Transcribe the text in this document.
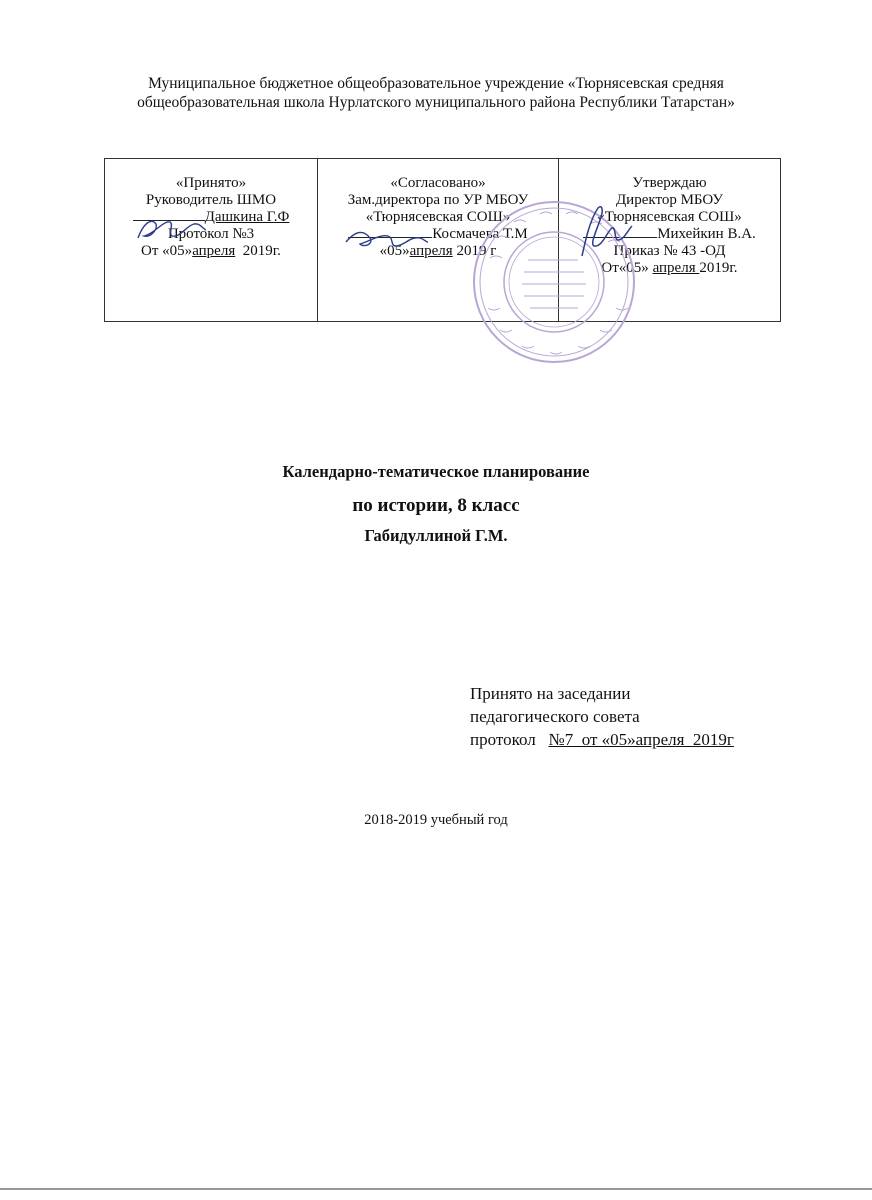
Муниципальное бюджетное общеобразовательное учреждение «Тюрнясевская средняя
общеобразовательная школа Нурлатского муниципального района Республики Татарстан»
«Принято»
Руководитель ШМО
Дашкина Г.Ф
Протокол №3
От «05»апреля  2019г.
«Согласовано»
Зам.директора по УР МБОУ
«Тюрнясевская СОШ»
Космачева Т.М
«05»апреля 2019 г
Утверждаю
Директор МБОУ
«Тюрнясевская СОШ»
Михейкин В.А.
Приказ № 43 -ОД
От«05» апреля 2019г.
Календарно-тематическое планирование
по истории, 8 класс
Габидуллиной Г.М.
Принято на заседании
педагогического совета
протокол   №7  от «05»апреля  2019г
2018-2019 учебный год
